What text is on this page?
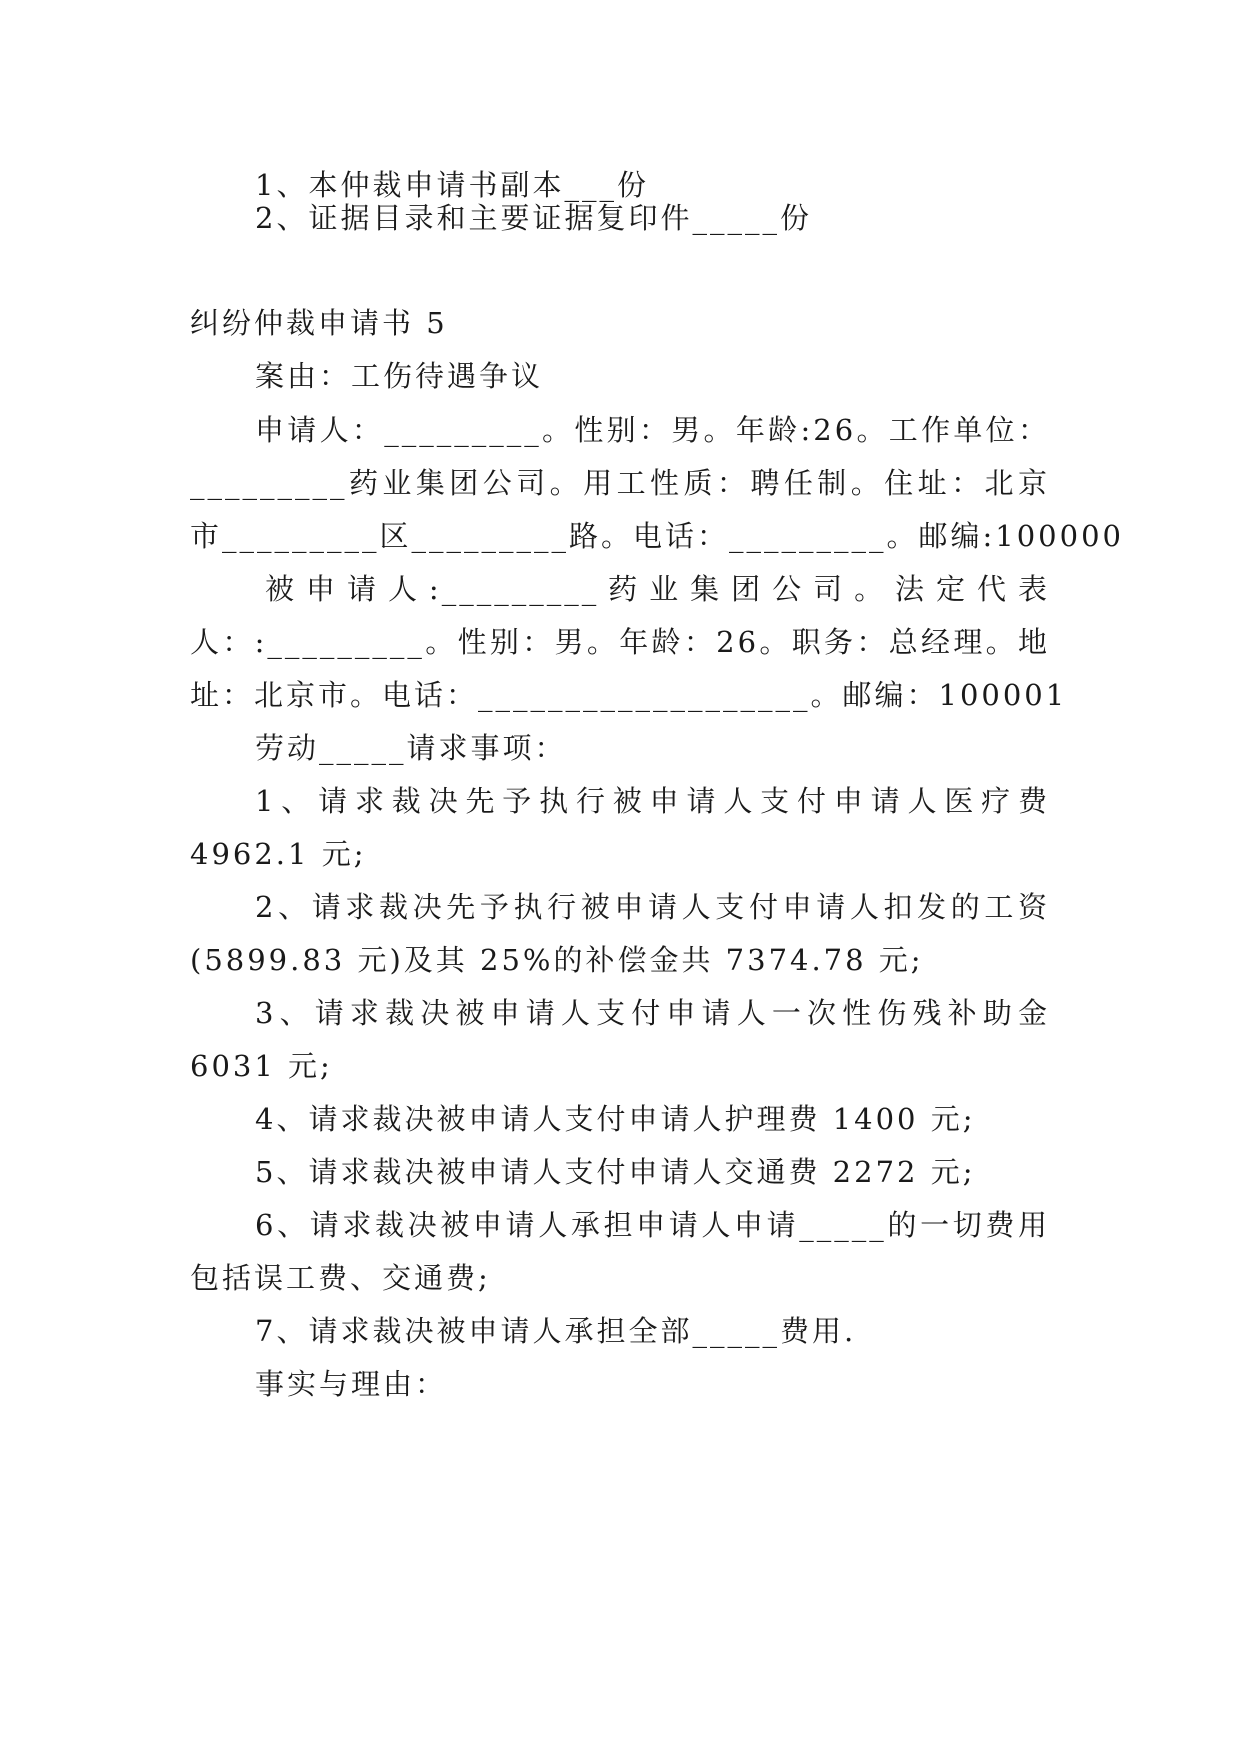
1、本仲裁申请书副本___份
2、证据目录和主要证据复印件_____份
纠纷仲裁申请书 5
案由：工伤待遇争议
申请人：_________。性别：男。年龄:26。工作单位：
_________药业集团公司。用工性质：聘任制。住址：北京
市_________区_________路。电话：_________。邮编:100000
被申请人:_________药业集团公司。法定代表
人：:_________。性别：男。年龄：26。职务：总经理。地
址：北京市。电话：___________________。邮编：100001
劳动_____请求事项：
1、请求裁决先予执行被申请人支付申请人医疗费
4962.1 元;
2、请求裁决先予执行被申请人支付申请人扣发的工资
(5899.83 元)及其 25%的补偿金共 7374.78 元;
3、请求裁决被申请人支付申请人一次性伤残补助金
6031 元;
4、请求裁决被申请人支付申请人护理费 1400 元;
5、请求裁决被申请人支付申请人交通费 2272 元;
6、请求裁决被申请人承担申请人申请_____的一切费用
包括误工费、交通费;
7、请求裁决被申请人承担全部_____费用.
事实与理由：
